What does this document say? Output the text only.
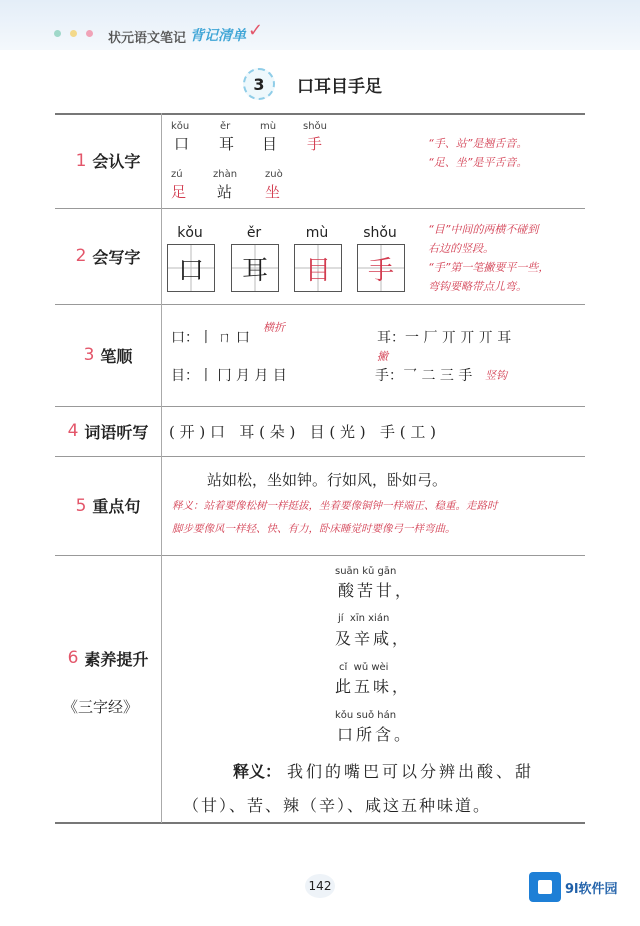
状元语文笔记 背记清单 ✓
3	口耳目手足
1 会认字
kǒu
口
ěr
耳
mù
目
shǒu
手
zú
足
zhàn
站
zuò
坐
“手、站”是翘舌音。
“足、坐”是平舌音。
2 会写字
kǒu
口
ěr
耳
mù
目
shǒu
手
“目”中间的两横不碰到
右边的竖段。
“手”第一笔撇要平一些，
弯钩要略带点儿弯。
3 笔顺
口：丨 ㄇ 口
横折
耳：一 厂 丌 丌 丌 耳
目：丨 冂 月 月 目
撇
手：乛 二 三 手 竖钩
4 词语听写 ( 开 ) 口   耳 ( 朵 )   目 ( 光 )   手 ( 工 )
5 重点句
站如松，坐如钟。行如风，卧如弓。
释义：站着要像松树一样挺拔，坐着要像铜钟一样端正、稳重。走路时
脚步要像风一样轻、快、有力，卧床睡觉时要像弓一样弯曲。
6 素养提升
《三字经》
suān kǔ gān
酸苦甘，
jí  xīn xián
及辛咸，
cǐ  wǔ wèi
此五味，
kǒu suǒ hán
口所含。
释义： 我们的嘴巴可以分辨出酸、甜
（甘）、苦、辣（辛）、咸这五种味道。
142	9l软件园
